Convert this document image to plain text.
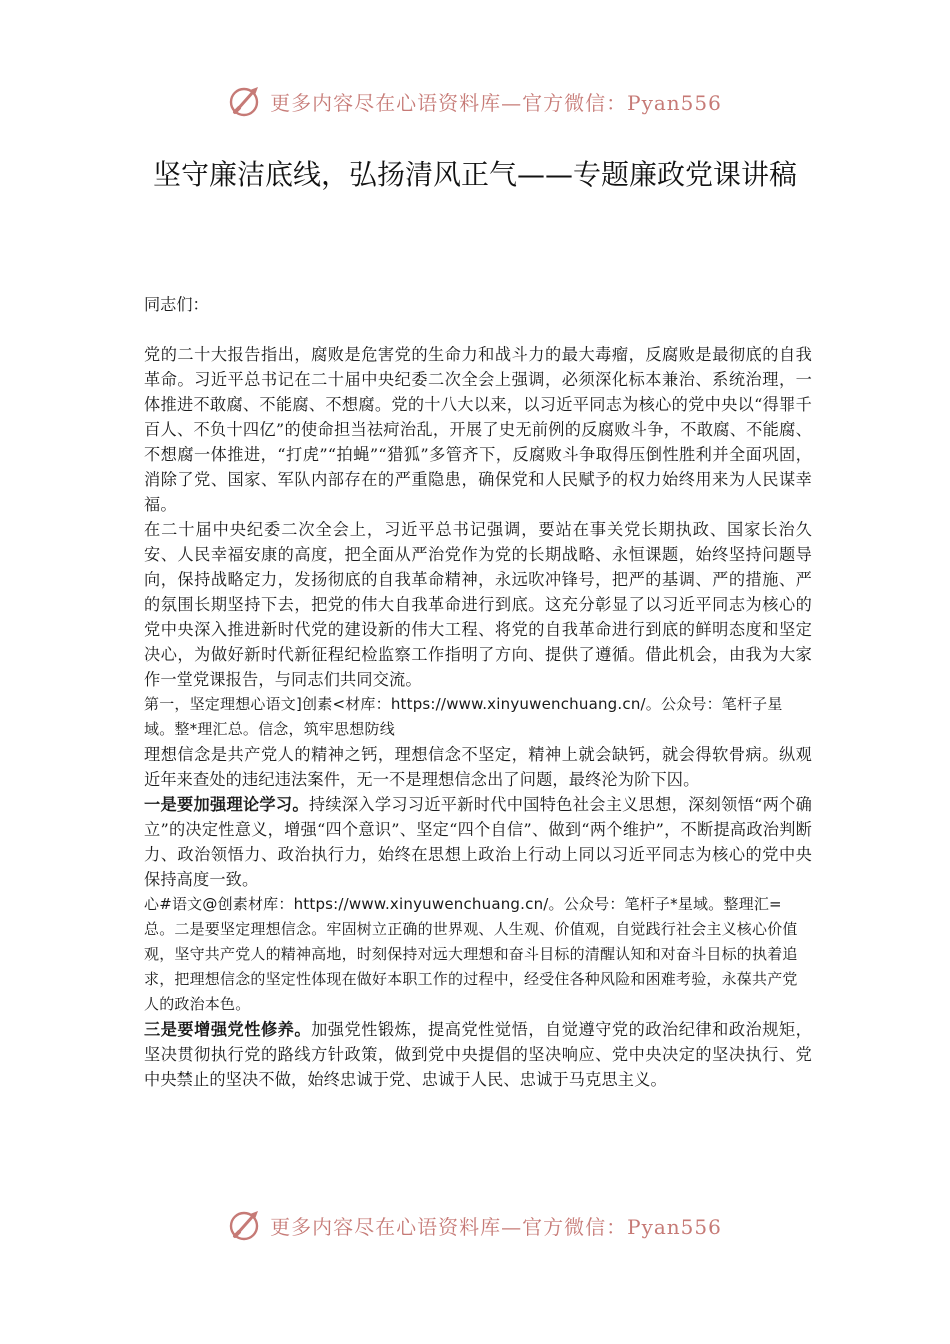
更多内容尽在心语资料库—官方微信：Pyan556
坚守廉洁底线，弘扬清风正气——专题廉政党课讲稿

同志们：

党的二十大报告指出，腐败是危害党的生命力和战斗力的最大毒瘤，反腐败是最彻底的自我革命。习近平总书记在二十届中央纪委二次全会上强调，必须深化标本兼治、系统治理，一体推进不敢腐、不能腐、不想腐。党的十八大以来，以习近平同志为核心的党中央以“得罪千百人、不负十四亿”的使命担当祛疴治乱，开展了史无前例的反腐败斗争，不敢腐、不能腐、不想腐一体推进，“打虎”“拍蝇”“猎狐”多管齐下，反腐败斗争取得压倒性胜利并全面巩固，消除了党、国家、军队内部存在的严重隐患，确保党和人民赋予的权力始终用来为人民谋幸福。

在二十届中央纪委二次全会上，习近平总书记强调，要站在事关党长期执政、国家长治久安、人民幸福安康的高度，把全面从严治党作为党的长期战略、永恒课题，始终坚持问题导向，保持战略定力，发扬彻底的自我革命精神，永远吹冲锋号，把严的基调、严的措施、严的氛围长期坚持下去，把党的伟大自我革命进行到底。这充分彰显了以习近平同志为核心的党中央深入推进新时代党的建设新的伟大工程、将党的自我革命进行到底的鲜明态度和坚定决心，为做好新时代新征程纪检监察工作指明了方向、提供了遵循。借此机会，由我为大家作一堂党课报告，与同志们共同交流。

第一，坚定理想心语文]创素<材库：https://www.xinyuwenchuang.cn/。公众号：笔杆子星域。整*理汇总。信念，筑牢思想防线

理想信念是共产党人的精神之钙，理想信念不坚定，精神上就会缺钙，就会得软骨病。纵观近年来查处的违纪违法案件，无一不是理想信念出了问题，最终沦为阶下囚。

一是要加强理论学习。持续深入学习习近平新时代中国特色社会主义思想，深刻领悟“两个确立”的决定性意义，增强“四个意识”、坚定“四个自信”、做到“两个维护”，不断提高政治判断力、政治领悟力、政治执行力，始终在思想上政治上行动上同以习近平同志为核心的党中央保持高度一致。

心#语文@创素材库：https://www.xinyuwenchuang.cn/。公众号：笔杆子*星域。整理汇=总。二是要坚定理想信念。牢固树立正确的世界观、人生观、价值观，自觉践行社会主义核心价值观，坚守共产党人的精神高地，时刻保持对远大理想和奋斗目标的清醒认知和对奋斗目标的执着追求，把理想信念的坚定性体现在做好本职工作的过程中，经受住各种风险和困难考验，永葆共产党人的政治本色。

三是要增强党性修养。加强党性锻炼，提高党性觉悟，自觉遵守党的政治纪律和政治规矩，坚决贯彻执行党的路线方针政策，做到党中央提倡的坚决响应、党中央决定的坚决执行、党中央禁止的坚决不做，始终忠诚于党、忠诚于人民、忠诚于马克思主义。

更多内容尽在心语资料库—官方微信：Pyan556
